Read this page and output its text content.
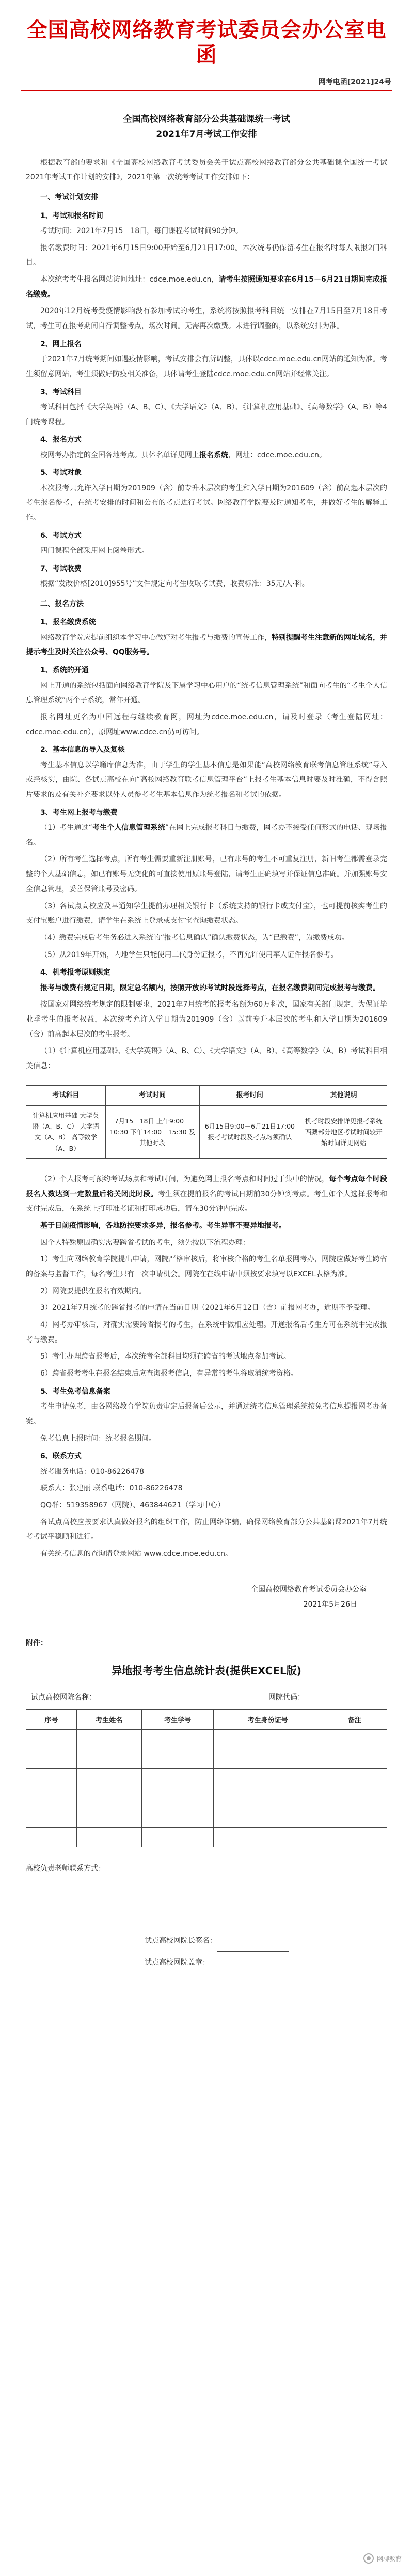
全国高校网络教育考试委员会办公室电函
网考电函[2021]24号
全国高校网络教育部分公共基础课统一考试
2021年7月考试工作安排

根据教育部的要求和《全国高校网络教育考试委员会关于试点高校网络教育部分公共基础课全国统一考试2021年考试工作计划的安排》，2021年第一次统考考试工作安排如下：

一、考试计划安排
1、考试和报名时间

考试时间：2021年7月15－18日，每门课程考试时间90分钟。

报名缴费时间：2021年6月15日9:00开始至6月21日17:00。本次统考仍保留考生在报名时每人限报2门科目。

本次统考考生报名网站访问地址：cdce.moe.edu.cn，请考生按照通知要求在6月15－6月21日期间完成报名缴费。

2020年12月统考受疫情影响没有参加考试的考生，系统将按照报考科目统一安排在7月15日至7月18日考试，考生可在报考期间自行调整考点，场次时间。无需再次缴费。未进行调整的，以系统安排为准。

2、网上报名

于2021年7月统考期间如遇疫情影响，考试安排会有所调整，具体以cdce.moe.edu.cn网站的通知为准。考生须留意网站，考生须做好防疫相关准备，具体请考生登陆cdce.moe.edu.cn网站并经常关注。

3、考试科目

考试科目包括《大学英语》（A、B、C）、《大学语文》（A、B）、《计算机应用基础》、《高等数学》（A、B）等4门统考课程。

4、报名方式

校网考办指定的全国各地考点。具体名单详见网上报名系统，网址：cdce.moe.edu.cn。

5、考试对象

本次报考只允许入学日期为201909（含）前专升本层次的考生和入学日期为201609（含）前高起本层次的考生报名参考，在统考安排的时间和公布的考点进行考试。网络教育学院要及时通知考生，并做好考生的解释工作。

6、考试方式

四门课程全部采用网上阅卷形式。

7、考试收费

根据“发改价格[2010]955号”文件规定向考生收取考试费，收费标准：35元/人·科。

二、报名方法
1、报名缴费系统

网络教育学院应提前组织本学习中心做好对考生报考与缴费的宣传工作，特别提醒考生注意新的网址域名，并提示考生及时关注公众号、QQ服务号。

1、系统的开通

网上开通的系统包括面向网络教育学院及下属学习中心用户的“统考信息管理系统”和面向考生的“考生个人信息管理系统”两个子系统，常年开通。

报名网址更名为中国远程与继续教育网，网址为cdce.moe.edu.cn，请及时登录（考生登陆网址：cdce.moe.edu.cn），原网址www.cdce.cn仍可访问。

2、基本信息的导入及复核

考生基本信息以学籍库信息为准，由于学生的学生基本信息是如果能“高校网络教育联考信息管理系统”导入或经核实，由院、各试点高校在向“高校网络教育联考信息管理平台”上报考生基本信息时要及时准确，不得含照片要求的及有关补充要求以外人员参考考生基本信息作为统考报名和考试的依据。

3、考生网上报考与缴费

（1）考生通过“考生个人信息管理系统”在网上完成报考科目与缴费，网考办不接受任何形式的电话、现场报名。

（2）所有考生选择考点，所有考生需要重新注册账号，已有账号的考生不可重复注册，新旧考生都需登录完整的个人基础信息，如已有账号无变化的可直接使用原账号登陆，请考生正确填写并保证信息准确。并加强账号安全信息管理，妥善保管账号及密码。

（3）各试点高校应及早通知学生提前办理相关银行卡（系统支持的银行卡或支付宝），也可提前核实考生的支付宝账户进行缴费，请学生在系统上登录或支付宝查询缴费状态。

（4）缴费完成后考生务必进入系统的“报考信息确认”确认缴费状态，为“已缴费”，为缴费成功。

（5）从2019年开始，内地学生只能使用二代身份证报考，不再允许使用军人证件报名参考。

4、机考报考原则规定

报考与缴费有规定日期，限定总名额内，按照开放的考试时段选择考点，在报名缴费期间完成报考与缴费。

按国家对网络统考规定的限制要求，2021年7月统考的报考名额为60万科次，国家有关部门规定，为保证毕业季考生的报考权益，本次统考允许入学日期为201909（含）以前专升本层次的考生和入学日期为201609（含）前高起本层次的考生报考。

（1）《计算机应用基础》、《大学英语》（A、B、C）、《大学语文》（A、B）、《高等数学》（A、B）考试科目相关信息：

考试科目	考试时间	报考时间	其他说明
计算机应用基础 大学英语（A、B、C） 大学语文（A、B） 高等数学（A、B）	7月15－18日 上午9:00－10:30 下午14:00－15:30 及其他时段	6月15日9:00－6月21日17:00 报考考试时段及考点均须确认	机考时段安排详见报考系统 西藏部分地区考试时间较开始时间详见网站

（2）个人报考可预约考试场点和考试时间，为避免网上报名考点和时间过于集中的情况，每个考点每个时段报名人数达到一定数量后将关闭此时段。考生须在提前报名的考试日期前30分钟到考点。考生如个人选择报考和支付完成后，在系统上打印准考证和打印成功后，请在30分钟内完成。

基于目前疫情影响，各地防控要求多异，报名参考。考生异事不要异地报考。

因个人特殊原因确实需要跨省考试的考生，须先按以下流程办理：

1）考生向网络教育学院提出申请，网院严格审核后，将审核合格的考生名单报网考办，网院应做好考生跨省的备案与监督工作，每名考生只有一次申请机会。网院在在线申请中须按要求填写以EXCEL表格为准。

2）网院要提供在报名有效期内。

3）2021年7月统考的跨省报考的申请在当前日期（2021年6月12日（含）前报网考办，逾期不予受理。

4）网考办审核后，对确实需要跨省报考的考生，在系统中做相应处理。开通报名后考生方可在系统中完成报考与缴费。

5）考生办理跨省报考后，本次统考全部科目均须在跨省的考试地点参加考试。

6）跨省报考考生在报名结束后应查询报考信息，有异常的考生将取消统考资格。

5、考生免考信息备案

考生申请免考，由各网络教育学院负责审定后报备后公示，并通过统考信息管理系统按免考信息提报网考办备案。

免考信息上报时间：统考报名期间。

6、联系方式

统考服务电话：010-86226478

联系人：张建丽 联系电话：010-86226478

QQ群：519358967（网院）、463844621（学习中心）

各试点高校应按要求认真做好报名的组织工作，防止网络诈骗，确保网络教育部分公共基础课2021年7月统考考试平稳顺利进行。

有关统考信息的查询请登录网站 www.cdce.moe.edu.cn。

全国高校网络教育考试委员会办公室
2021年5月26日
附件：
异地报考考生信息统计表(提供EXCEL版)
试点高校网院名称：	网院代码：
序号	考生姓名	考生学号	考生身份证号	备注

高校负责老师联系方式：
试点高校网院长签名：
试点高校网院盖章：
网聊教育
